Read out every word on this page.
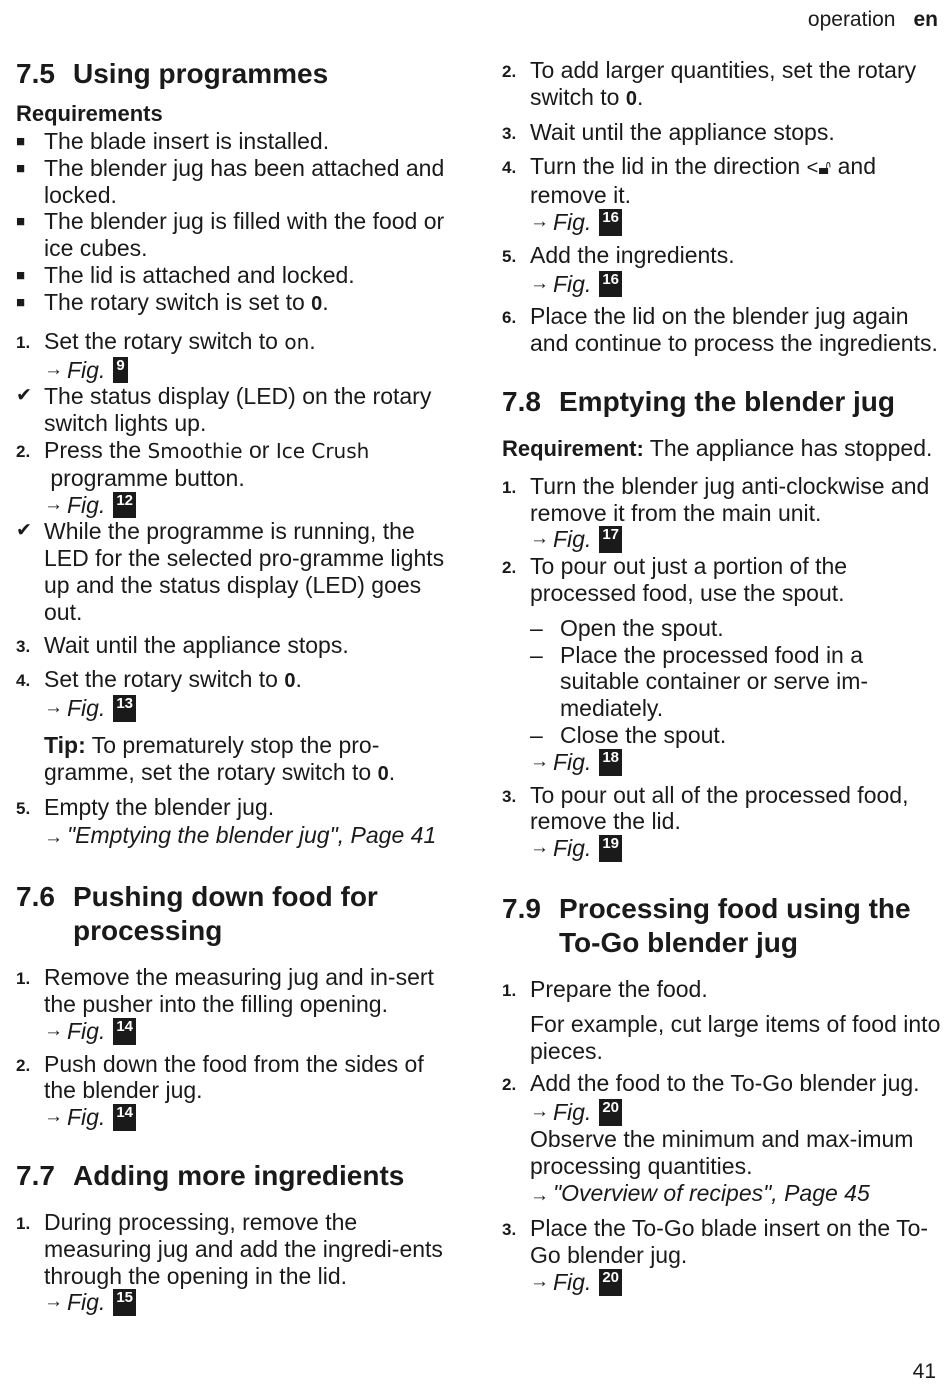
operation en
7.5 Using programmes
Requirements
■ The blade insert is installed.
■ The blender jug has been attached and locked.
■ The blender jug is filled with the food or ice cubes.
■ The lid is attached and locked.
■ The rotary switch is set to 0.
1. Set the rotary switch to on.
→ Fig. 9
✔ The status display (LED) on the rotary switch lights up.
2. Press the Smoothie or Ice Crush
programme button.
→ Fig. 12
✔ While the programme is running, the LED for the selected pro-gramme lights up and the status display (LED) goes out.
3. Wait until the appliance stops.
4. Set the rotary switch to 0.
→ Fig. 13
Tip: To prematurely stop the pro-gramme, set the rotary switch to 0.
5. Empty the blender jug.
→ "Emptying the blender jug", Page 41
7.6 Pushing down food for processing
1. Remove the measuring jug and in-sert the pusher into the filling opening.
→ Fig. 14
2. Push down the food from the sides of the blender jug.
→ Fig. 14
7.7 Adding more ingredients
1. During processing, remove the measuring jug and add the ingredi-ents through the opening in the lid.
→ Fig. 15
2. To add larger quantities, set the rotary switch to 0.
3. Wait until the appliance stops.
4. Turn the lid in the direction <🔓︎ and remove it.
→ Fig. 16
5. Add the ingredients.
→ Fig. 16
6. Place the lid on the blender jug again and continue to process the ingredients.
7.8 Emptying the blender jug
Requirement: The appliance has stopped.
1. Turn the blender jug anti-clockwise and remove it from the main unit.
→ Fig. 17
2. To pour out just a portion of the processed food, use the spout.
– Open the spout.
– Place the processed food in a suitable container or serve im-mediately.
– Close the spout.
→ Fig. 18
3. To pour out all of the processed food, remove the lid.
→ Fig. 19
7.9 Processing food using the To-Go blender jug
1. Prepare the food.
For example, cut large items of food into pieces.
2. Add the food to the To-Go blender jug.
→ Fig. 20
Observe the minimum and max-imum processing quantities.
→ "Overview of recipes", Page 45
3. Place the To-Go blade insert on the To-Go blender jug.
→ Fig. 20
41
